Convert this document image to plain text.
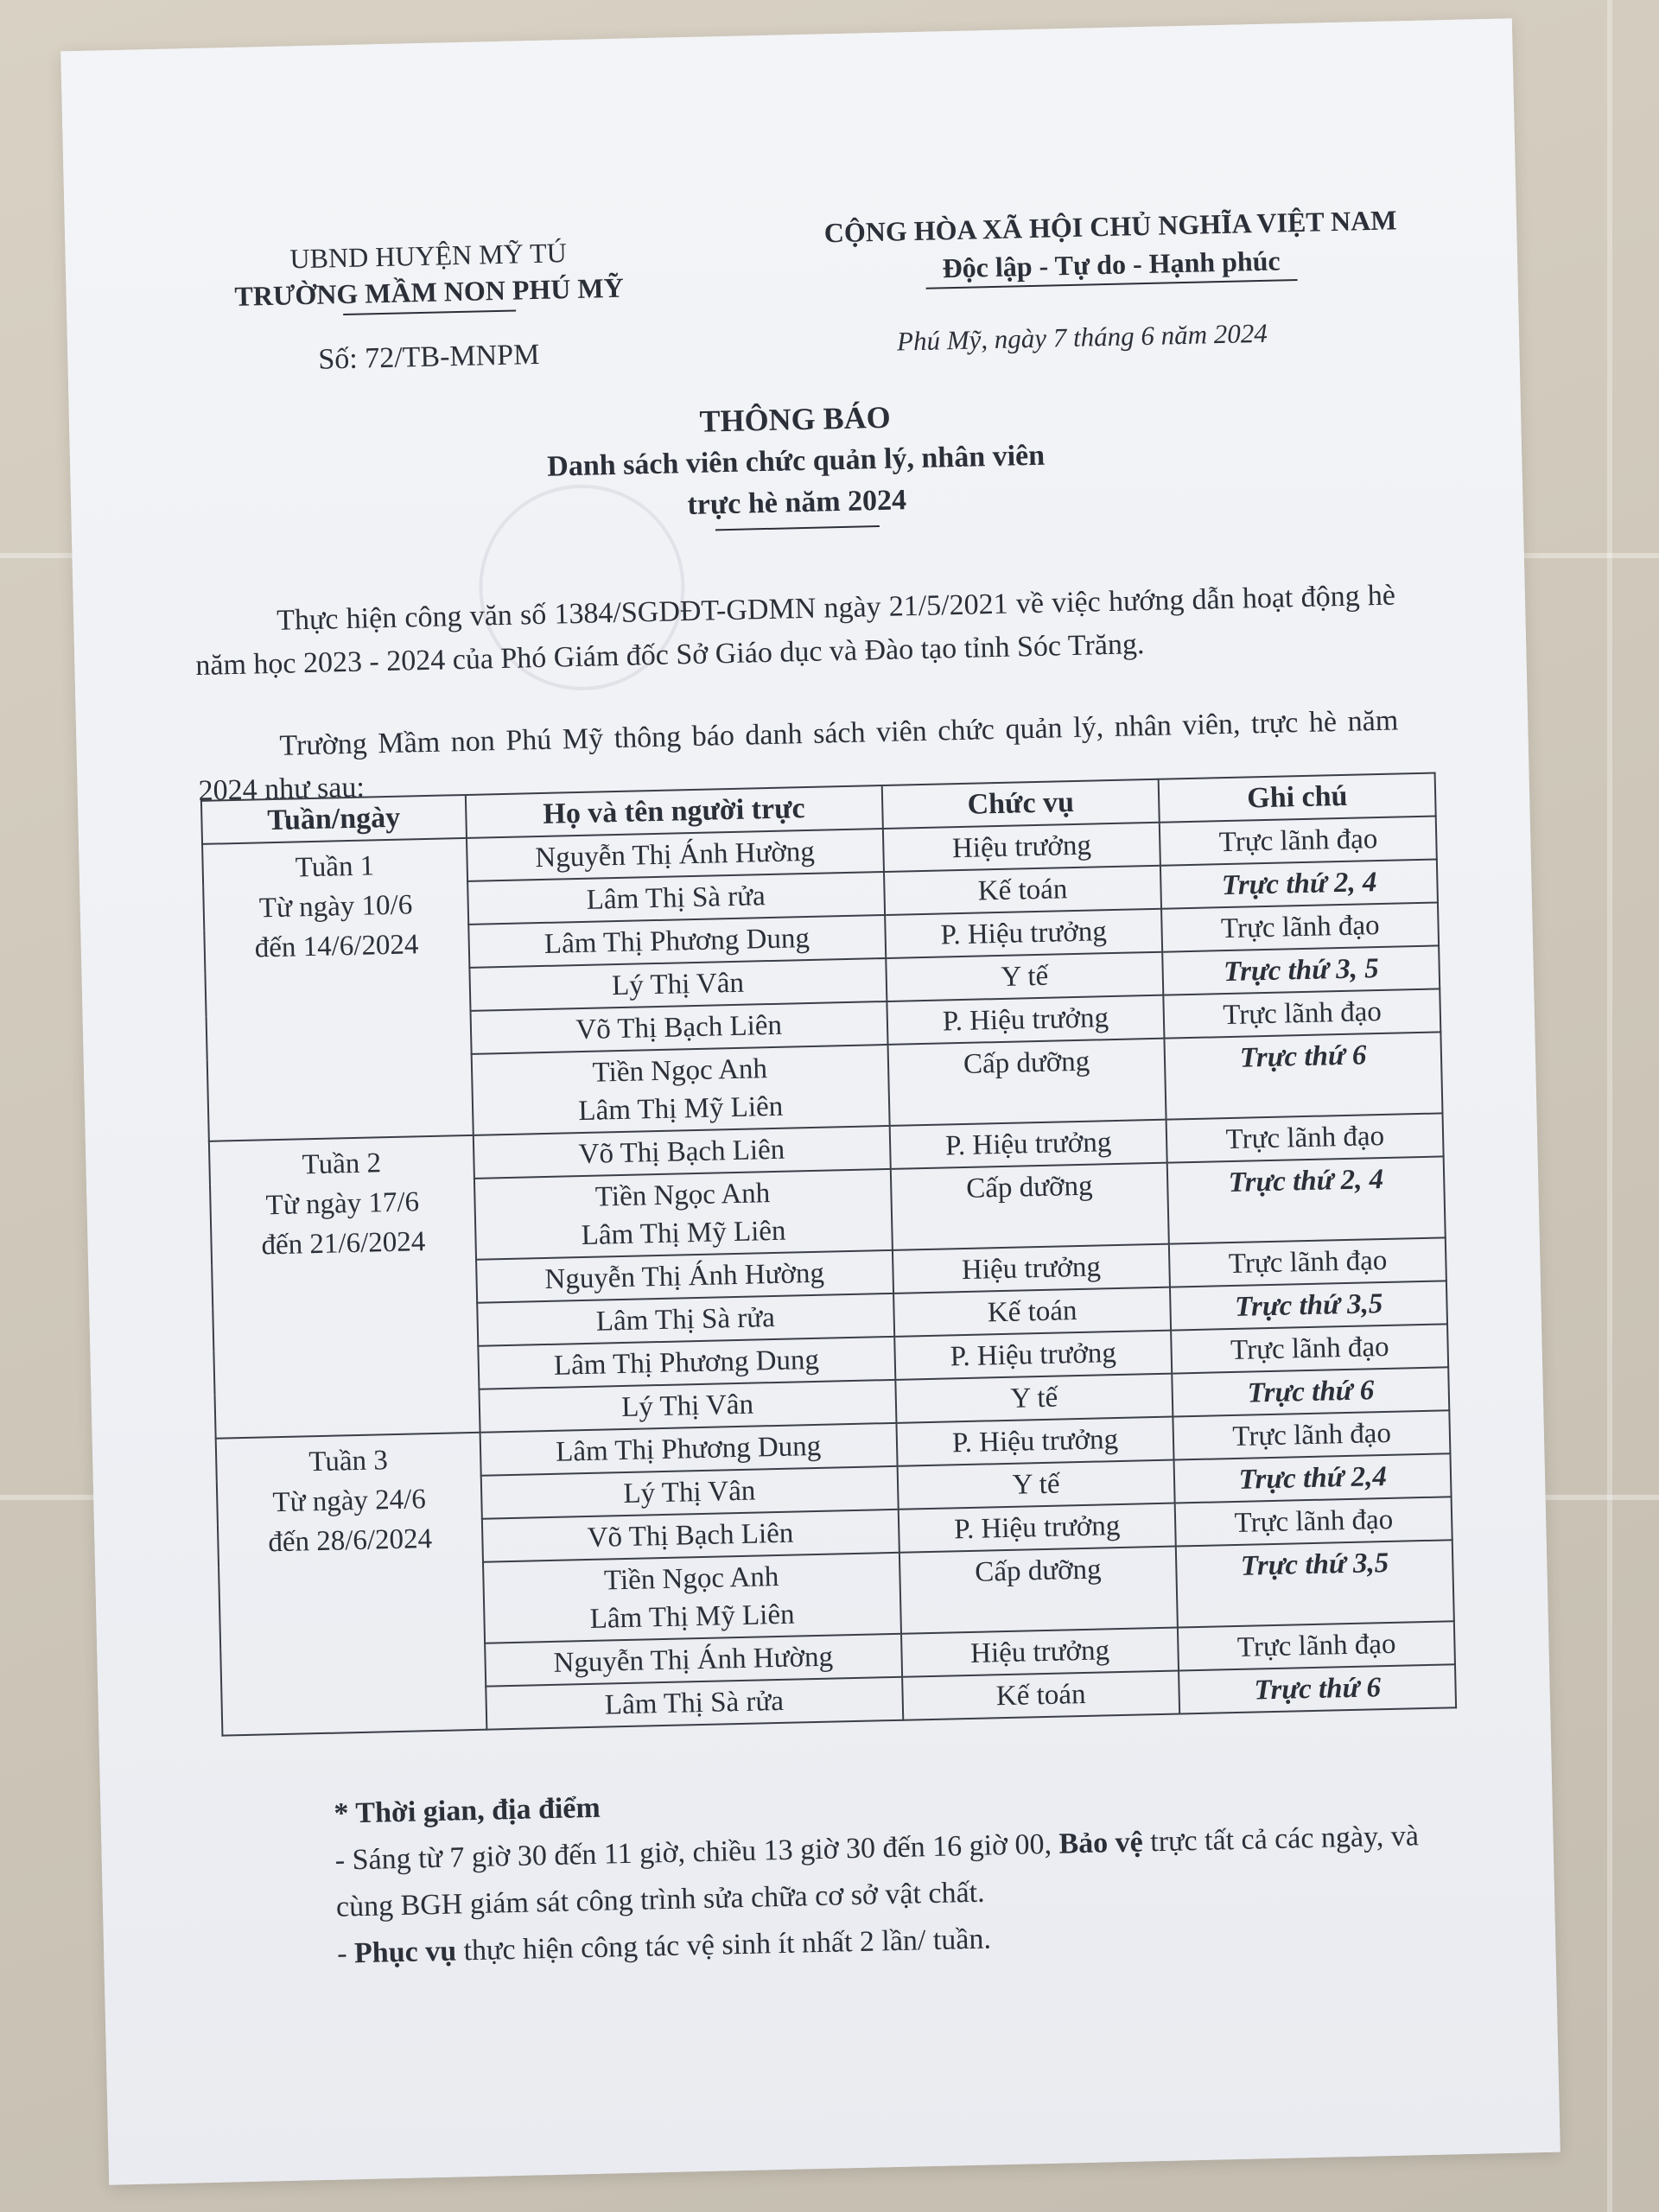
UBND HUYỆN MỸ TÚ
TRƯỜNG MẦM NON PHÚ MỸ
CỘNG HÒA XÃ HỘI CHỦ NGHĨA VIỆT NAM
Độc lập - Tự do - Hạnh phúc
Số: 72/TB-MNPM
Phú Mỹ, ngày 7 tháng 6 năm 2024
THÔNG BÁO
Danh sách viên chức quản lý, nhân viên
trực hè năm 2024
Thực hiện công văn số 1384/SGDĐT-GDMN ngày 21/5/2021 về việc hướng dẫn hoạt động hè năm học 2023 - 2024 của Phó Giám đốc Sở Giáo dục và Đào tạo tỉnh Sóc Trăng.
Trường Mầm non Phú Mỹ thông báo danh sách viên chức quản lý, nhân viên, trực hè năm 2024 như sau:
Tuần/ngày	Họ và tên người trực	Chức vụ	Ghi chú

Tuần 1
Từ ngày 10/6
đến 14/6/2024	Nguyễn Thị Ánh Hường	Hiệu trưởng	Trực lãnh đạo

	Lâm Thị Sà rửa	Kế toán	Trực thứ 2, 4

	Lâm Thị Phương Dung	P. Hiệu trưởng	Trực lãnh đạo

	Lý Thị Vân	Y tế	Trực thứ 3, 5

	Võ Thị Bạch Liên	P. Hiệu trưởng	Trực lãnh đạo

	Tiền Ngọc Anh
Lâm Thị Mỹ Liên	Cấp dưỡng	Trực thứ 6

Tuần 2
Từ ngày 17/6
đến 21/6/2024	Võ Thị Bạch Liên	P. Hiệu trưởng	Trực lãnh đạo

	Tiền Ngọc Anh
Lâm Thị Mỹ Liên	Cấp dưỡng	Trực thứ 2, 4

	Nguyễn Thị Ánh Hường	Hiệu trưởng	Trực lãnh đạo

	Lâm Thị Sà rửa	Kế toán	Trực thứ 3,5

	Lâm Thị Phương Dung	P. Hiệu trưởng	Trực lãnh đạo

	Lý Thị Vân	Y tế	Trực thứ 6

Tuần 3
Từ ngày 24/6
đến 28/6/2024	Lâm Thị Phương Dung	P. Hiệu trưởng	Trực lãnh đạo

	Lý Thị Vân	Y tế	Trực thứ 2,4

	Võ Thị Bạch Liên	P. Hiệu trưởng	Trực lãnh đạo

	Tiền Ngọc Anh
Lâm Thị Mỹ Liên	Cấp dưỡng	Trực thứ 3,5

	Nguyễn Thị Ánh Hường	Hiệu trưởng	Trực lãnh đạo

	Lâm Thị Sà rửa	Kế toán	Trực thứ 6
* Thời gian, địa điểm
- Sáng từ 7 giờ 30 đến 11 giờ, chiều 13 giờ 30 đến 16 giờ 00, Bảo vệ trực tất cả các ngày, và cùng BGH giám sát công trình sửa chữa cơ sở vật chất.
- Phục vụ thực hiện công tác vệ sinh ít nhất 2 lần/ tuần.
